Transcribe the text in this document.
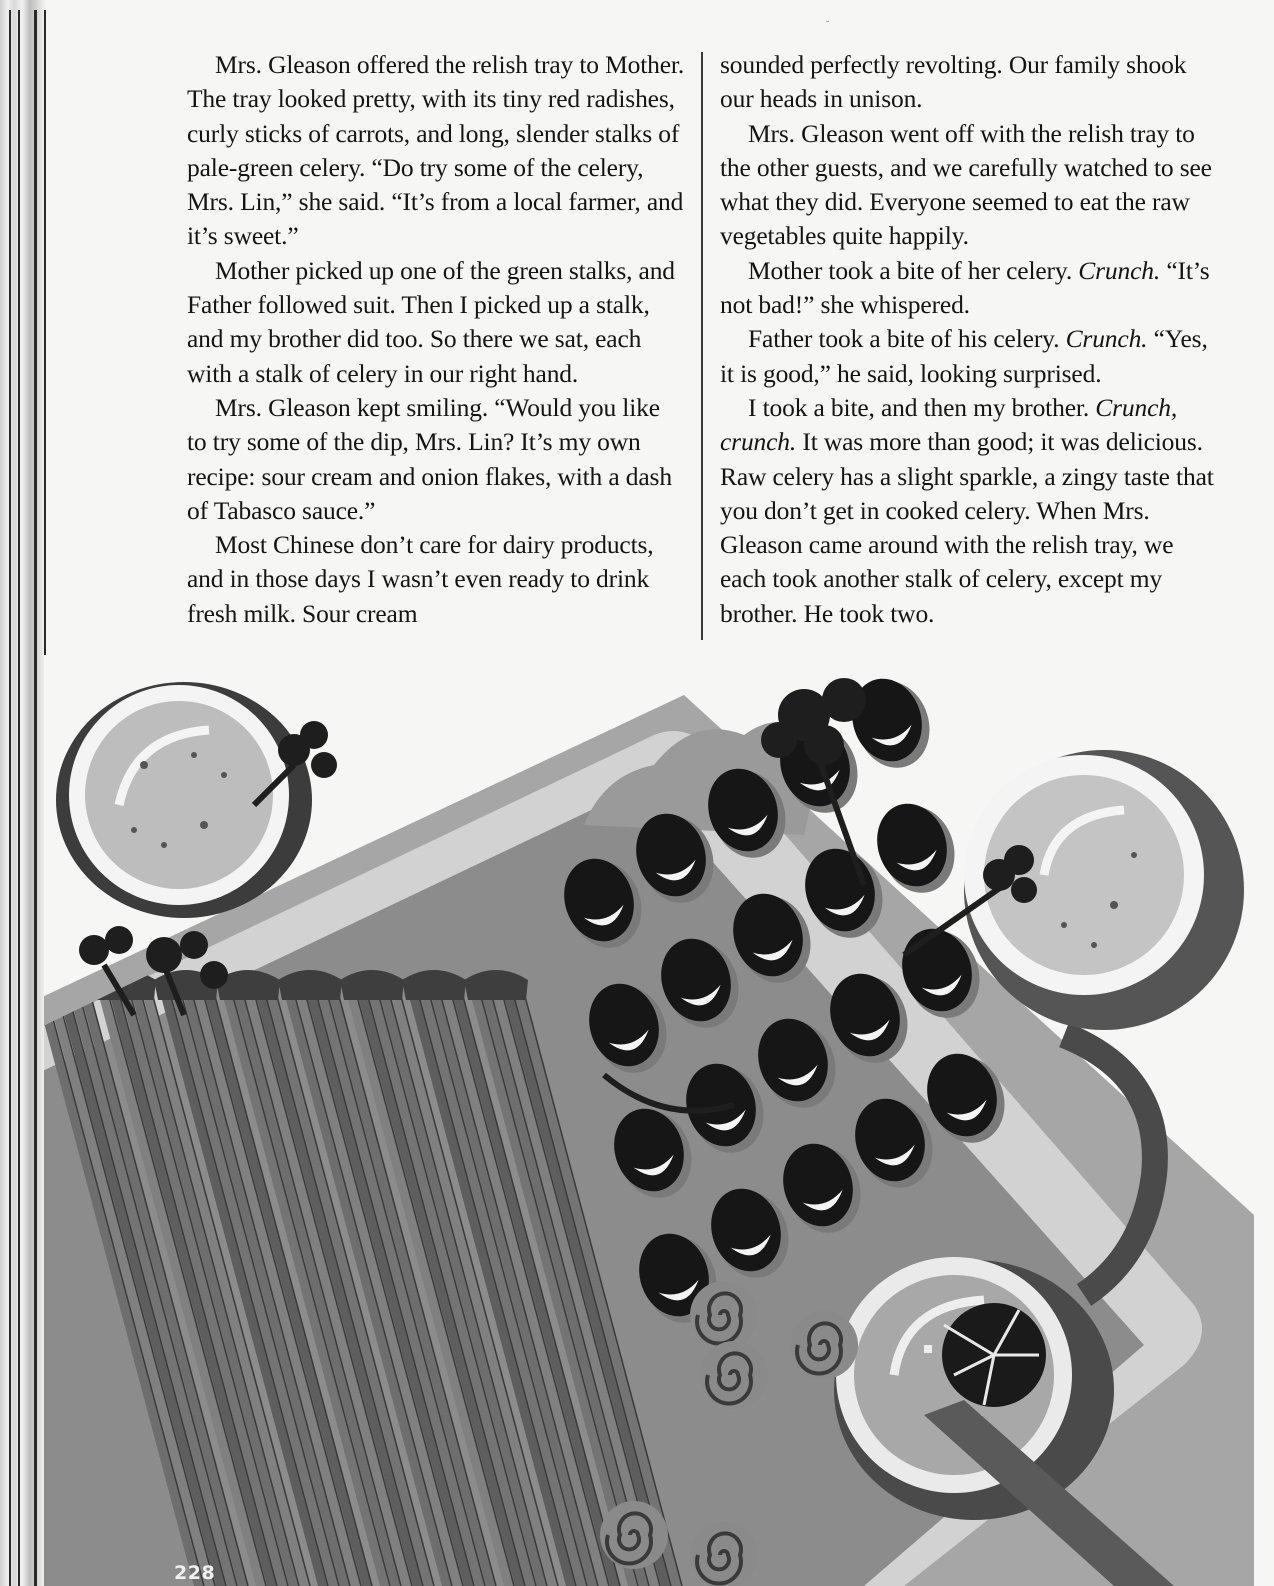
˘

Mrs. Gleason offered the relish tray to Mother. The tray looked pretty, with its tiny red radishes, curly sticks of carrots, and long, slender stalks of pale-green celery. “Do try some of the celery, Mrs. Lin,” she said. “It’s from a local farmer, and it’s sweet.”

Mother picked up one of the green stalks, and Father followed suit. Then I picked up a stalk, and my brother did too. So there we sat, each with a stalk of celery in our right hand.

Mrs. Gleason kept smiling. “Would you like to try some of the dip, Mrs. Lin? It’s my own recipe: sour cream and onion flakes, with a dash of Tabasco sauce.”

Most Chinese don’t care for dairy products, and in those days I wasn’t even ready to drink fresh milk. Sour cream

sounded perfectly revolting. Our family shook our heads in unison.

Mrs. Gleason went off with the relish tray to the other guests, and we carefully watched to see what they did. Everyone seemed to eat the raw vegetables quite happily.

Mother took a bite of her celery. Crunch. “It’s not bad!” she whispered.

Father took a bite of his celery. Crunch. “Yes, it is good,” he said, looking surprised.

I took a bite, and then my brother. Crunch, crunch. It was more than good; it was delicious. Raw celery has a slight sparkle, a zingy taste that you don’t get in cooked celery. When Mrs. Gleason came around with the relish tray, we each took another stalk of celery, except my brother. He took two.

228
